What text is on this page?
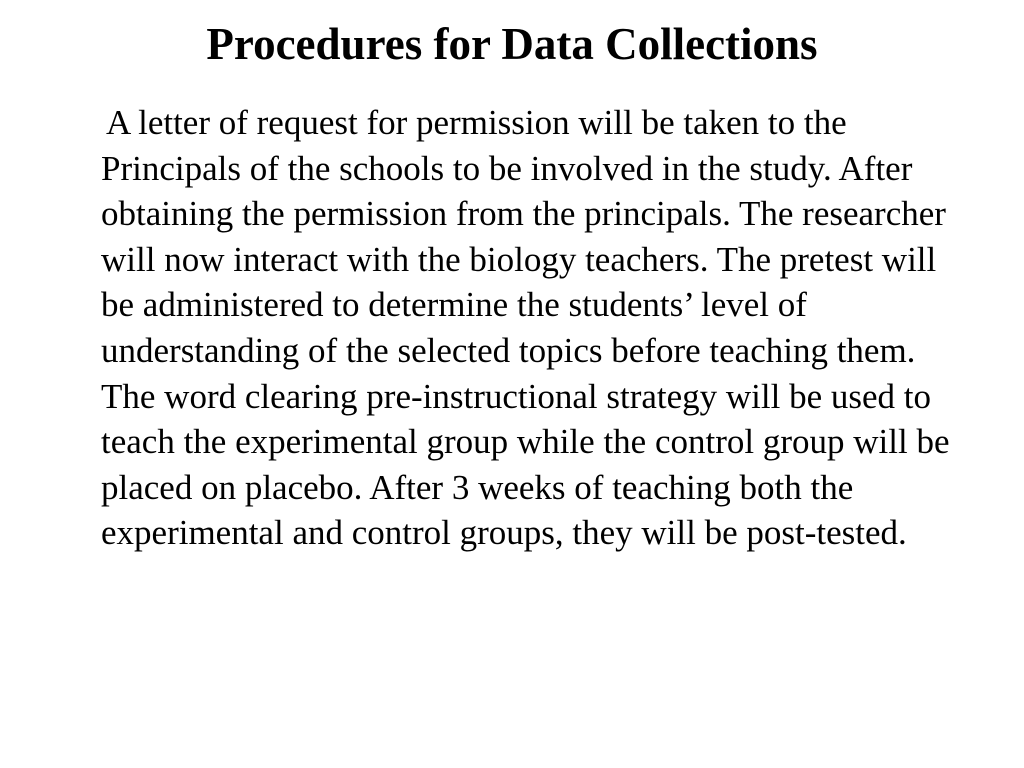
Procedures for Data Collections

A letter of request for permission will be taken to the Principals of the schools to be involved in the study. After obtaining the permission from the principals. The researcher will now interact with the biology teachers. The pretest will be administered to determine the students’ level of understanding of the selected topics before teaching them. The word clearing pre-instructional strategy will be used to teach the experimental group while the control group will be placed on placebo. After 3 weeks of teaching both the experimental and control groups, they will be post-tested.
